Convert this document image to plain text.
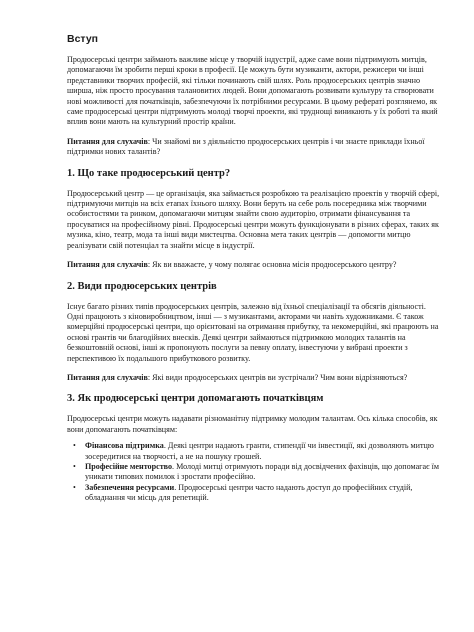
Вступ

Продюсерські центри займають важливе місце у творчій індустрії, адже саме вони підтримують митців, допомагаючи їм зробити перші кроки в професії. Це можуть бути музиканти, актори, режисери чи інші представники творчих професій, які тільки починають свій шлях. Роль продюсерських центрів значно ширша, ніж просто просування талановитих людей. Вони допомагають розвивати культуру та створювати нові можливості для початківців, забезпечуючи їх потрібними ресурсами. В цьому рефераті розглянемо, як саме продюсерські центри підтримують молоді творчі проекти, які труднощі виникають у їх роботі та який вплив вони мають на культурний простір країни.

Питання для слухачів: Чи знайомі ви з діяльністю продюсерських центрів і чи знаєте приклади їхньої підтримки нових талантів?

1. Що таке продюсерський центр?

Продюсерський центр — це організація, яка займається розробкою та реалізацією проектів у творчій сфері, підтримуючи митців на всіх етапах їхнього шляху. Вони беруть на себе роль посередника між творчими особистостями та ринком, допомагаючи митцям знайти свою аудиторію, отримати фінансування та просуватися на професійному рівні. Продюсерські центри можуть функціонувати в різних сферах, таких як музика, кіно, театр, мода та інші види мистецтва. Основна мета таких центрів — допомогти митцю реалізувати свій потенціал та знайти місце в індустрії.

Питання для слухачів: Як ви вважаєте, у чому полягає основна місія продюсерського центру?

2. Види продюсерських центрів

Існує багато різних типів продюсерських центрів, залежно від їхньої спеціалізації та обсягів діяльності. Одні працюють з кіновиробництвом, інші — з музикантами, акторами чи навіть художниками. Є також комерційні продюсерські центри, що орієнтовані на отримання прибутку, та некомерційні, які працюють на основі грантів чи благодійних внесків. Деякі центри займаються підтримкою молодих талантів на безкоштовній основі, інші ж пропонують послуги за певну оплату, інвестуючи у вибрані проекти з перспективою їх подальшого прибуткового розвитку.

Питання для слухачів: Які види продюсерських центрів ви зустрічали? Чим вони відрізняються?

3. Як продюсерські центри допомагають початківцям

Продюсерські центри можуть надавати різноманітну підтримку молодим талантам. Ось кілька способів, як вони допомагають початківцям:

• Фінансова підтримка. Деякі центри надають гранти, стипендії чи інвестиції, які дозволяють митцю зосередитися на творчості, а не на пошуку грошей.
• Професійне менторство. Молоді митці отримують поради від досвідчених фахівців, що допомагає їм уникати типових помилок і зростати професійно.
• Забезпечення ресурсами. Продюсерські центри часто надають доступ до професійних студій, обладнання чи місць для репетицій.
